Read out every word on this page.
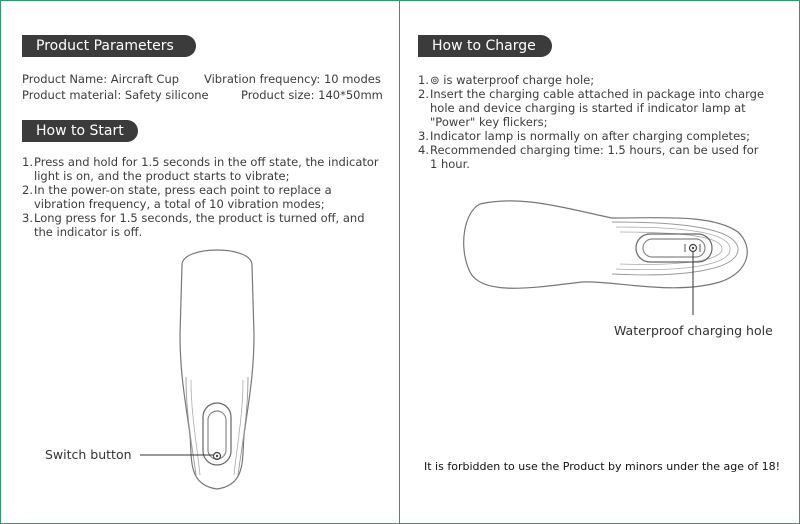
Product Parameters
Product Name: Aircraft Cup Vibration frequency: 10 modes
Product material: Safety silicone	Product size: 140*50mm
How to Start
1. Press and hold for 1.5 seconds in the off state, the indicator
light is on, and the product starts to vibrate;
2. In the power-on state, press each point to replace a
vibration frequency, a total of 10 vibration modes;
3. Long press for 1.5 seconds, the product is turned off, and
the indicator is off.
Switch button
How to Charge
1. ⊚ is waterproof charge hole;
2. Insert the charging cable attached in package into charge
hole and device charging is started if indicator lamp at
"Power" key flickers;
3. Indicator lamp is normally on after charging completes;
4. Recommended charging time: 1.5 hours, can be used for
1 hour.
Waterproof charging hole
It is forbidden to use the Product by minors under the age of 18!
